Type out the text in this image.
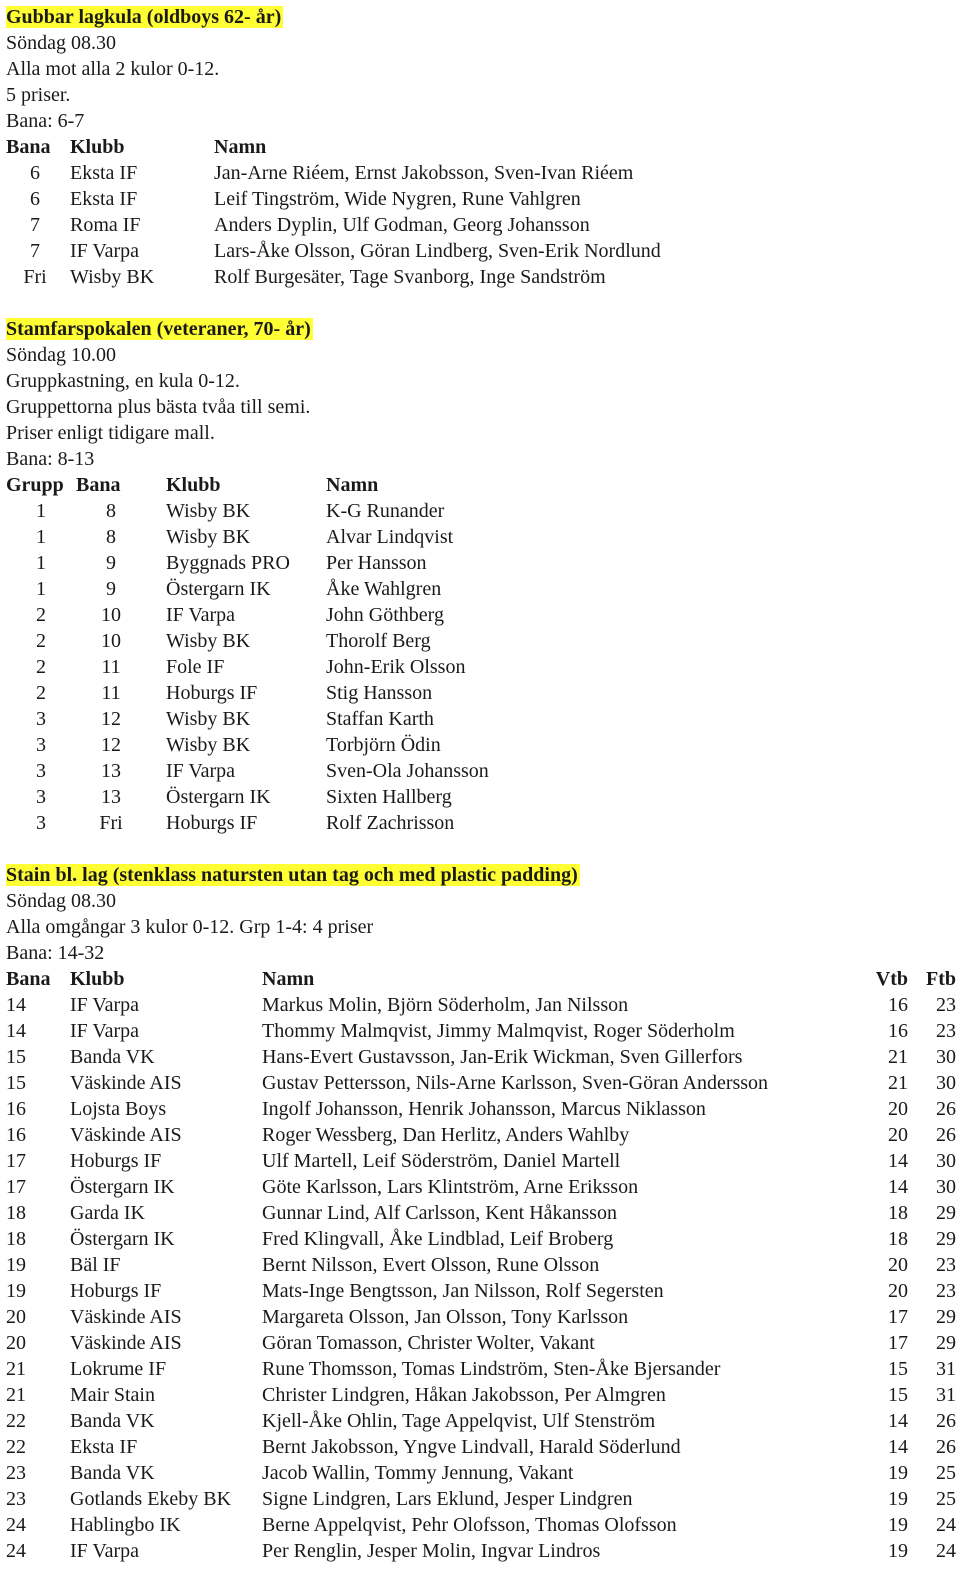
Gubbar lagkula (oldboys 62- år)
Söndag 08.30
Alla mot alla 2 kulor 0-12.
5 priser.
Bana: 6-7
Bana	Klubb	Namn
6	Eksta IF	Jan-Arne Riéem, Ernst Jakobsson, Sven-Ivan Riéem
6	Eksta IF	Leif Tingström, Wide Nygren, Rune Vahlgren
7	Roma IF	Anders Dyplin, Ulf Godman, Georg Johansson
7	IF Varpa	Lars-Åke Olsson, Göran Lindberg, Sven-Erik Nordlund
Fri	Wisby BK	Rolf Burgesäter, Tage Svanborg, Inge Sandström
Stamfarspokalen (veteraner, 70- år)
Söndag 10.00
Gruppkastning, en kula 0-12.
Gruppettorna plus bästa tvåa till semi.
Priser enligt tidigare mall.
Bana: 8-13
Grupp	Bana	Klubb	Namn
1	8	Wisby BK	K-G Runander
1	8	Wisby BK	Alvar Lindqvist
1	9	Byggnads PRO	Per Hansson
1	9	Östergarn IK	Åke Wahlgren
2	10	IF Varpa	John Göthberg
2	10	Wisby BK	Thorolf Berg
2	11	Fole IF	John-Erik Olsson
2	11	Hoburgs IF	Stig Hansson
3	12	Wisby BK	Staffan Karth
3	12	Wisby BK	Torbjörn Ödin
3	13	IF Varpa	Sven-Ola Johansson
3	13	Östergarn IK	Sixten Hallberg
3	Fri	Hoburgs IF	Rolf Zachrisson
Stain bl. lag (stenklass natursten utan tag och med plastic padding)
Söndag 08.30
Alla omgångar 3 kulor 0-12. Grp 1-4: 4 priser
Bana: 14-32
Bana	Klubb	Namn	Vtb	Ftb
14	IF Varpa	Markus Molin, Björn Söderholm, Jan Nilsson	16	23
14	IF Varpa	Thommy Malmqvist, Jimmy Malmqvist, Roger Söderholm	16	23
15	Banda VK	Hans-Evert Gustavsson, Jan-Erik Wickman, Sven Gillerfors	21	30
15	Väskinde AIS	Gustav Pettersson, Nils-Arne Karlsson, Sven-Göran Andersson	21	30
16	Lojsta Boys	Ingolf Johansson, Henrik Johansson, Marcus Niklasson	20	26
16	Väskinde AIS	Roger Wessberg, Dan Herlitz, Anders Wahlby	20	26
17	Hoburgs IF	Ulf Martell, Leif Söderström, Daniel Martell	14	30
17	Östergarn IK	Göte Karlsson, Lars Klintström, Arne Eriksson	14	30
18	Garda IK	Gunnar Lind, Alf Carlsson, Kent Håkansson	18	29
18	Östergarn IK	Fred Klingvall, Åke Lindblad, Leif Broberg	18	29
19	Bäl IF	Bernt Nilsson, Evert Olsson, Rune Olsson	20	23
19	Hoburgs IF	Mats-Inge Bengtsson, Jan Nilsson, Rolf Segersten	20	23
20	Väskinde AIS	Margareta Olsson, Jan Olsson, Tony Karlsson	17	29
20	Väskinde AIS	Göran Tomasson, Christer Wolter, Vakant	17	29
21	Lokrume IF	Rune Thomsson, Tomas Lindström, Sten-Åke Bjersander	15	31
21	Mair Stain	Christer Lindgren, Håkan Jakobsson, Per Almgren	15	31
22	Banda VK	Kjell-Åke Ohlin, Tage Appelqvist, Ulf Stenström	14	26
22	Eksta IF	Bernt Jakobsson, Yngve Lindvall, Harald Söderlund	14	26
23	Banda VK	Jacob Wallin, Tommy Jennung, Vakant	19	25
23	Gotlands Ekeby BK	Signe Lindgren, Lars Eklund, Jesper Lindgren	19	25
24	Hablingbo IK	Berne Appelqvist, Pehr Olofsson, Thomas Olofsson	19	24
24	IF Varpa	Per Renglin, Jesper Molin, Ingvar Lindros	19	24
